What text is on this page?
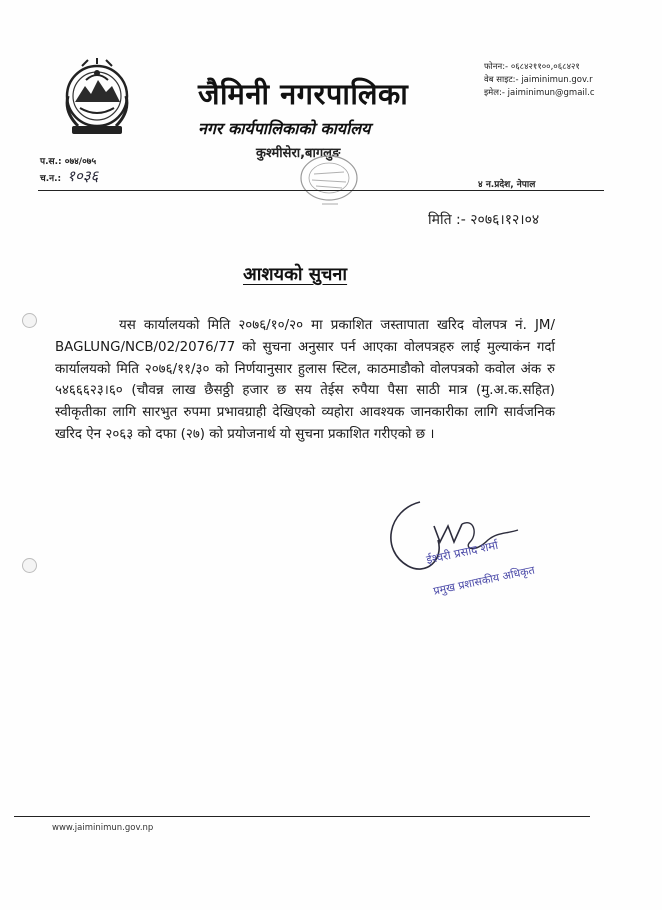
जैमिनी नगरपालिका
नगर कार्यपालिकाको कार्यालय
कुश्मीसेरा,बागलुङ
फोनन:- ०६८४२११००,०६८४२१
वेब साइट:- jaiminimun.gov.r
इमेल:- jaiminimun@gmail.c
प.स.: ०७४/०७५
च.न.: १०३६	४ न.प्रदेश, नेपाल
मिति :- २०७६।१२।०४
आशयको सुचना
यस कार्यालयको मिति २०७६/१०/२० मा प्रकाशित जस्तापाता खरिद वोलपत्र नं. JM/ BAGLUNG/NCB/02/2076/77 को सुचना अनुसार पर्न आएका वोलपत्रहरु लाई मुल्याकंन गर्दा कार्यालयको मिति २०७६/११/३० को निर्णयानुसार हुलास स्टिल, काठमाडौको वोलपत्रको कवोल अंक रु ५४६६६२३।६० (चौवन्न लाख छैसठ्ठी हजार छ सय तेईस रुपैया पैसा साठी मात्र (मु.अ.क.सहित) स्वीकृतीका लागि सारभुत रुपमा प्रभावग्राही देखिएको व्यहोरा आवश्यक जानकारीका लागि सार्वजनिक खरिद ऐन २०६३ को दफा (२७) को प्रयोजनार्थ यो सुचना प्रकाशित गरीएको छ ।
ईश्वरी प्रसाद शर्मा
प्रमुख प्रशासकीय अधिकृत
www.jaiminimun.gov.np
